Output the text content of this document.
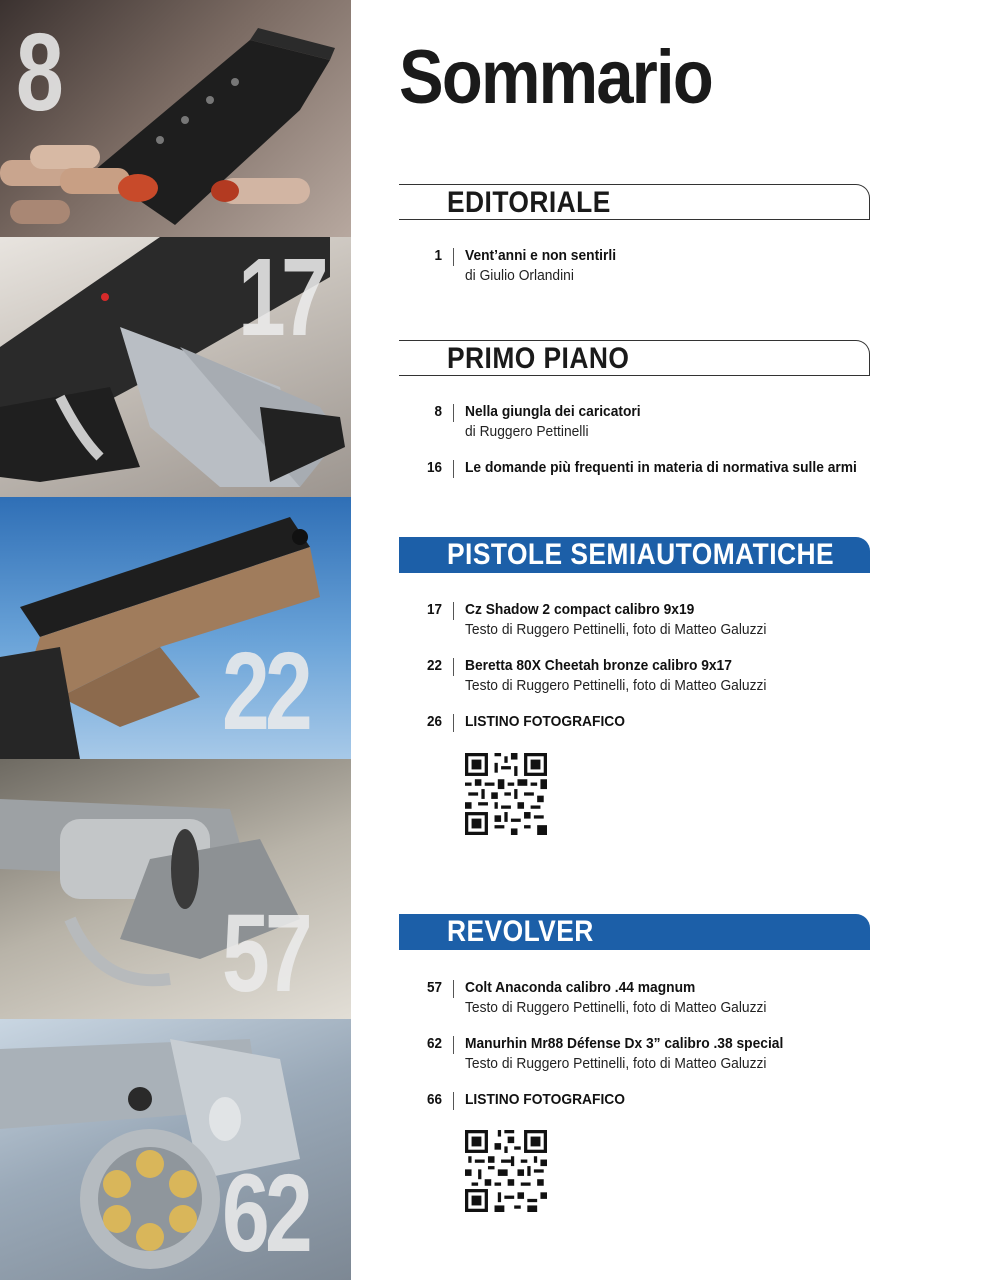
8
17
22
57
62
Sommario
EDITORIALE
1 Vent’anni e non sentirli
di Giulio Orlandini
PRIMO PIANO
8 Nella giungla dei caricatori
di Ruggero Pettinelli
16 Le domande più frequenti in materia di normativa sulle armi
PISTOLE SEMIAUTOMATICHE
17 Cz Shadow 2 compact calibro 9x19
Testo di Ruggero Pettinelli, foto di Matteo Galuzzi
22 Beretta 80X Cheetah bronze calibro 9x17
Testo di Ruggero Pettinelli, foto di Matteo Galuzzi
26 LISTINO FOTOGRAFICO
REVOLVER
57 Colt Anaconda calibro .44 magnum
Testo di Ruggero Pettinelli, foto di Matteo Galuzzi
62 Manurhin Mr88 Défense Dx 3” calibro .38 special
Testo di Ruggero Pettinelli, foto di Matteo Galuzzi
66 LISTINO FOTOGRAFICO
